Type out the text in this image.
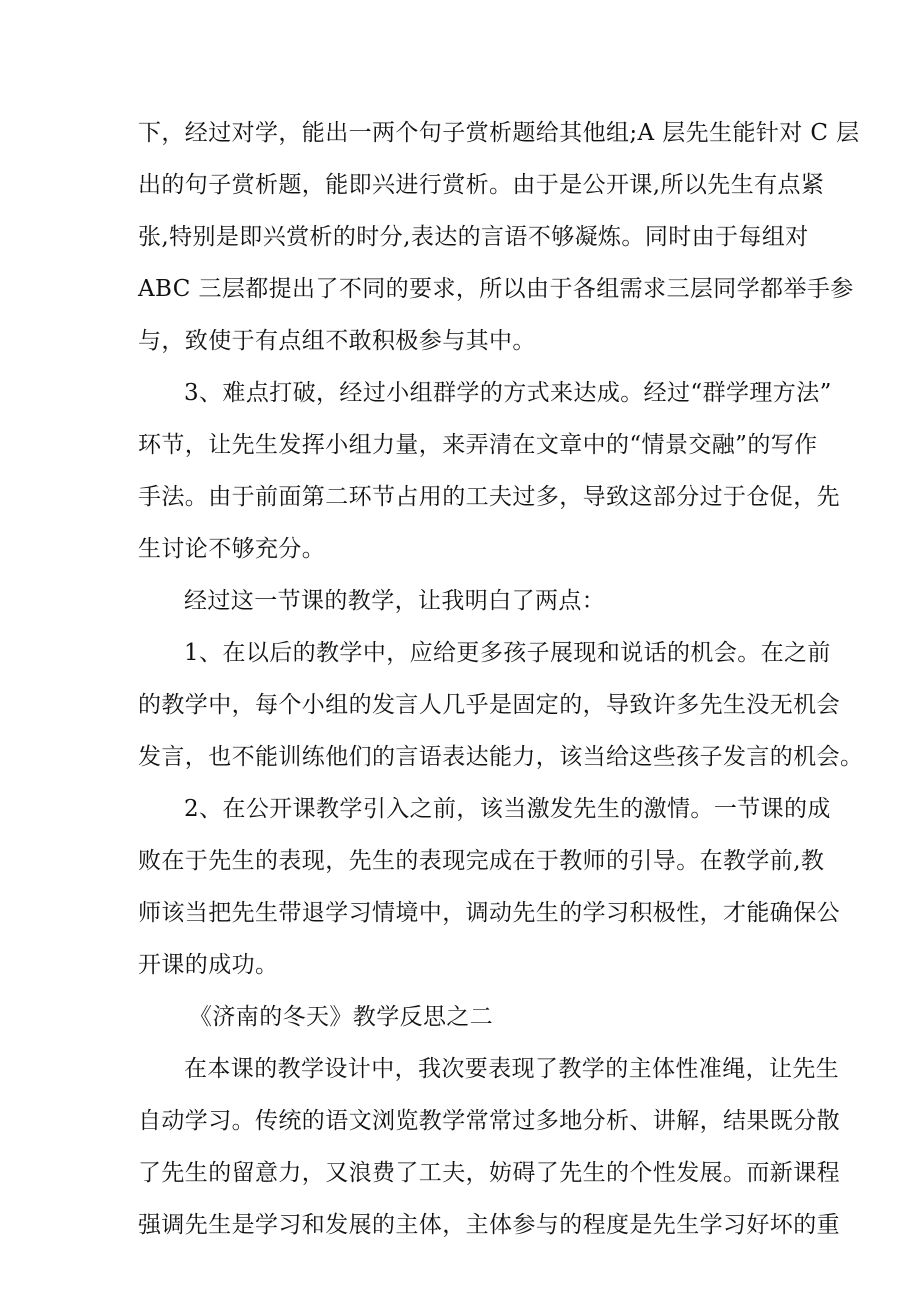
下，经过对学，能出一两个句子赏析题给其他组;A 层先生能针对 C 层
出的句子赏析题，能即兴进行赏析。由于是公开课,所以先生有点紧
张,特别是即兴赏析的时分,表达的言语不够凝炼。同时由于每组对
ABC 三层都提出了不同的要求，所以由于各组需求三层同学都举手参
与，致使于有点组不敢积极参与其中。
3、难点打破，经过小组群学的方式来达成。经过“群学理方法”
环节，让先生发挥小组力量，来弄清在文章中的“情景交融”的写作
手法。由于前面第二环节占用的工夫过多，导致这部分过于仓促，先
生讨论不够充分。
经过这一节课的教学，让我明白了两点：
1、在以后的教学中，应给更多孩子展现和说话的机会。在之前
的教学中，每个小组的发言人几乎是固定的，导致许多先生没无机会
发言，也不能训练他们的言语表达能力，该当给这些孩子发言的机会。
2、在公开课教学引入之前，该当激发先生的激情。一节课的成
败在于先生的表现，先生的表现完成在于教师的引导。在教学前,教
师该当把先生带退学习情境中，调动先生的学习积极性，才能确保公
开课的成功。
《济南的冬天》教学反思之二
在本课的教学设计中，我次要表现了教学的主体性准绳，让先生
自动学习。传统的语文浏览教学常常过多地分析、讲解，结果既分散
了先生的留意力，又浪费了工夫，妨碍了先生的个性发展。而新课程
强调先生是学习和发展的主体，主体参与的程度是先生学习好坏的重
